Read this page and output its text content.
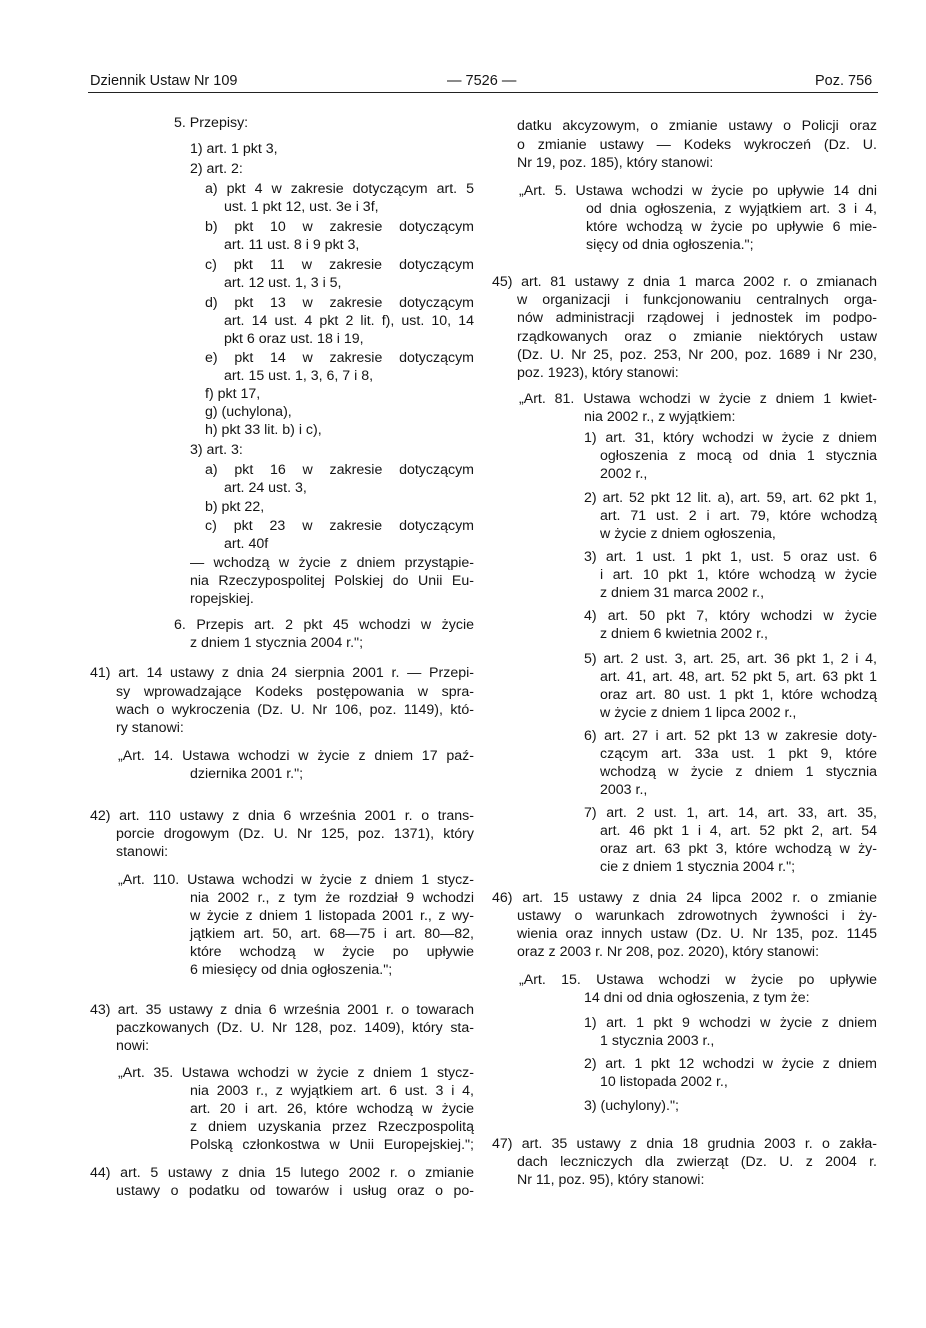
Dziennik Ustaw Nr 109	— 7526 —	Poz. 756
5. Przepisy:
1) art. 1 pkt 3,
2) art. 2:
a) pkt 4 w zakresie dotyczącym art. 5
ust. 1 pkt 12, ust. 3e i 3f,
b) pkt 10 w zakresie dotyczącym
art. 11 ust. 8 i 9 pkt 3,
c) pkt 11 w zakresie dotyczącym
art. 12 ust. 1, 3 i 5,
d) pkt 13 w zakresie dotyczącym
art. 14 ust. 4 pkt 2 lit. f), ust. 10, 14
pkt 6 oraz ust. 18 i 19,
e) pkt 14 w zakresie dotyczącym
art. 15 ust. 1, 3, 6, 7 i 8,
f) pkt 17,
g) (uchylona),
h) pkt 33 lit. b) i c),
3) art. 3:
a) pkt 16 w zakresie dotyczącym
art. 24 ust. 3,
b) pkt 22,
c) pkt 23 w zakresie dotyczącym
art. 40f
— wchodzą w życie z dniem przystąpie-
nia Rzeczypospolitej Polskiej do Unii Eu-
ropejskiej.
6. Przepis art. 2 pkt 45 wchodzi w życie
z dniem 1 stycznia 2004 r.";
41) art. 14 ustawy z dnia 24 sierpnia 2001 r. — Przepi-
sy wprowadzające Kodeks postępowania w spra-
wach o wykroczenia (Dz. U. Nr 106, poz. 1149), któ-
ry stanowi:
„Art. 14. Ustawa wchodzi w życie z dniem 17 paź-
dziernika 2001 r.";
42) art. 110 ustawy z dnia 6 września 2001 r. o trans-
porcie drogowym (Dz. U. Nr 125, poz. 1371), który
stanowi:
„Art. 110. Ustawa wchodzi w życie z dniem 1 stycz-
nia 2002 r., z tym że rozdział 9 wchodzi
w życie z dniem 1 listopada 2001 r., z wy-
jątkiem art. 50, art. 68—75 i art. 80—82,
które wchodzą w życie po upływie
6 miesięcy od dnia ogłoszenia.";
43) art. 35 ustawy z dnia 6 września 2001 r. o towarach
paczkowanych (Dz. U. Nr 128, poz. 1409), który sta-
nowi:
„Art. 35. Ustawa wchodzi w życie z dniem 1 stycz-
nia 2003 r., z wyjątkiem art. 6 ust. 3 i 4,
art. 20 i art. 26, które wchodzą w życie
z dniem uzyskania przez Rzeczpospolitą
Polską członkostwa w Unii Europejskiej.";
44) art. 5 ustawy z dnia 15 lutego 2002 r. o zmianie
ustawy o podatku od towarów i usług oraz o po-
datku akcyzowym, o zmianie ustawy o Policji oraz
o zmianie ustawy — Kodeks wykroczeń (Dz. U.
Nr 19, poz. 185), który stanowi:
„Art. 5. Ustawa wchodzi w życie po upływie 14 dni
od dnia ogłoszenia, z wyjątkiem art. 3 i 4,
które wchodzą w życie po upływie 6 mie-
sięcy od dnia ogłoszenia.";
45) art. 81 ustawy z dnia 1 marca 2002 r. o zmianach
w organizacji i funkcjonowaniu centralnych orga-
nów administracji rządowej i jednostek im podpo-
rządkowanych oraz o zmianie niektórych ustaw
(Dz. U. Nr 25, poz. 253, Nr 200, poz. 1689 i Nr 230,
poz. 1923), który stanowi:
„Art. 81. Ustawa wchodzi w życie z dniem 1 kwiet-
nia 2002 r., z wyjątkiem:
1) art. 31, który wchodzi w życie z dniem
ogłoszenia z mocą od dnia 1 stycznia
2002 r.,
2) art. 52 pkt 12 lit. a), art. 59, art. 62 pkt 1,
art. 71 ust. 2 i art. 79, które wchodzą
w życie z dniem ogłoszenia,
3) art. 1 ust. 1 pkt 1, ust. 5 oraz ust. 6
i art. 10 pkt 1, które wchodzą w życie
z dniem 31 marca 2002 r.,
4) art. 50 pkt 7, który wchodzi w życie
z dniem 6 kwietnia 2002 r.,
5) art. 2 ust. 3, art. 25, art. 36 pkt 1, 2 i 4,
art. 41, art. 48, art. 52 pkt 5, art. 63 pkt 1
oraz art. 80 ust. 1 pkt 1, które wchodzą
w życie z dniem 1 lipca 2002 r.,
6) art. 27 i art. 52 pkt 13 w zakresie doty-
czącym art. 33a ust. 1 pkt 9, które
wchodzą w życie z dniem 1 stycznia
2003 r.,
7) art. 2 ust. 1, art. 14, art. 33, art. 35,
art. 46 pkt 1 i 4, art. 52 pkt 2, art. 54
oraz art. 63 pkt 3, które wchodzą w ży-
cie z dniem 1 stycznia 2004 r.";
46) art. 15 ustawy z dnia 24 lipca 2002 r. o zmianie
ustawy o warunkach zdrowotnych żywności i ży-
wienia oraz innych ustaw (Dz. U. Nr 135, poz. 1145
oraz z 2003 r. Nr 208, poz. 2020), który stanowi:
„Art. 15. Ustawa wchodzi w życie po upływie
14 dni od dnia ogłoszenia, z tym że:
1) art. 1 pkt 9 wchodzi w życie z dniem
1 stycznia 2003 r.,
2) art. 1 pkt 12 wchodzi w życie z dniem
10 listopada 2002 r.,
3) (uchylony).";
47) art. 35 ustawy z dnia 18 grudnia 2003 r. o zakła-
dach leczniczych dla zwierząt (Dz. U. z 2004 r.
Nr 11, poz. 95), który stanowi:
